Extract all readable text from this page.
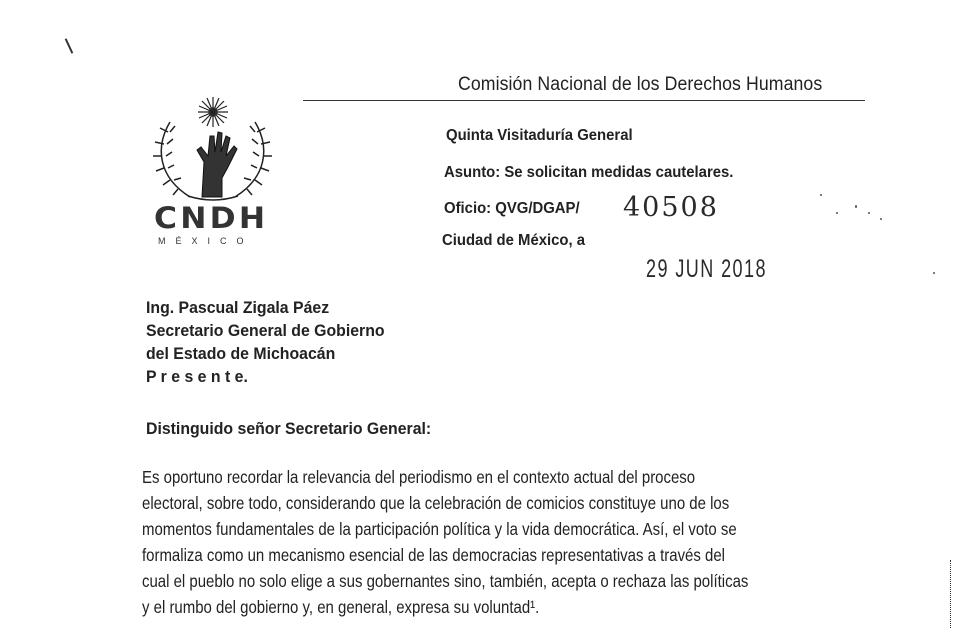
Comisión Nacional de los Derechos Humanos
CNDH
MÉXICO
Quinta Visitaduría General
Asunto: Se solicitan medidas cautelares.
Oficio: QVG/DGAP/ 40508
Ciudad de México, a
29 JUN 2018
Ing. Pascual Zigala Páez
Secretario General de Gobierno
del Estado de Michoacán
P r e s e n t e.
Distinguido señor Secretario General:
Es oportuno recordar la relevancia del periodismo en el contexto actual del proceso
electoral, sobre todo, considerando que la celebración de comicios constituye uno de los
momentos fundamentales de la participación política y la vida democrática. Así, el voto se
formaliza como un mecanismo esencial de las democracias representativas a través del
cual el pueblo no solo elige a sus gobernantes sino, también, acepta o rechaza las políticas
y el rumbo del gobierno y, en general, expresa su voluntad¹.
